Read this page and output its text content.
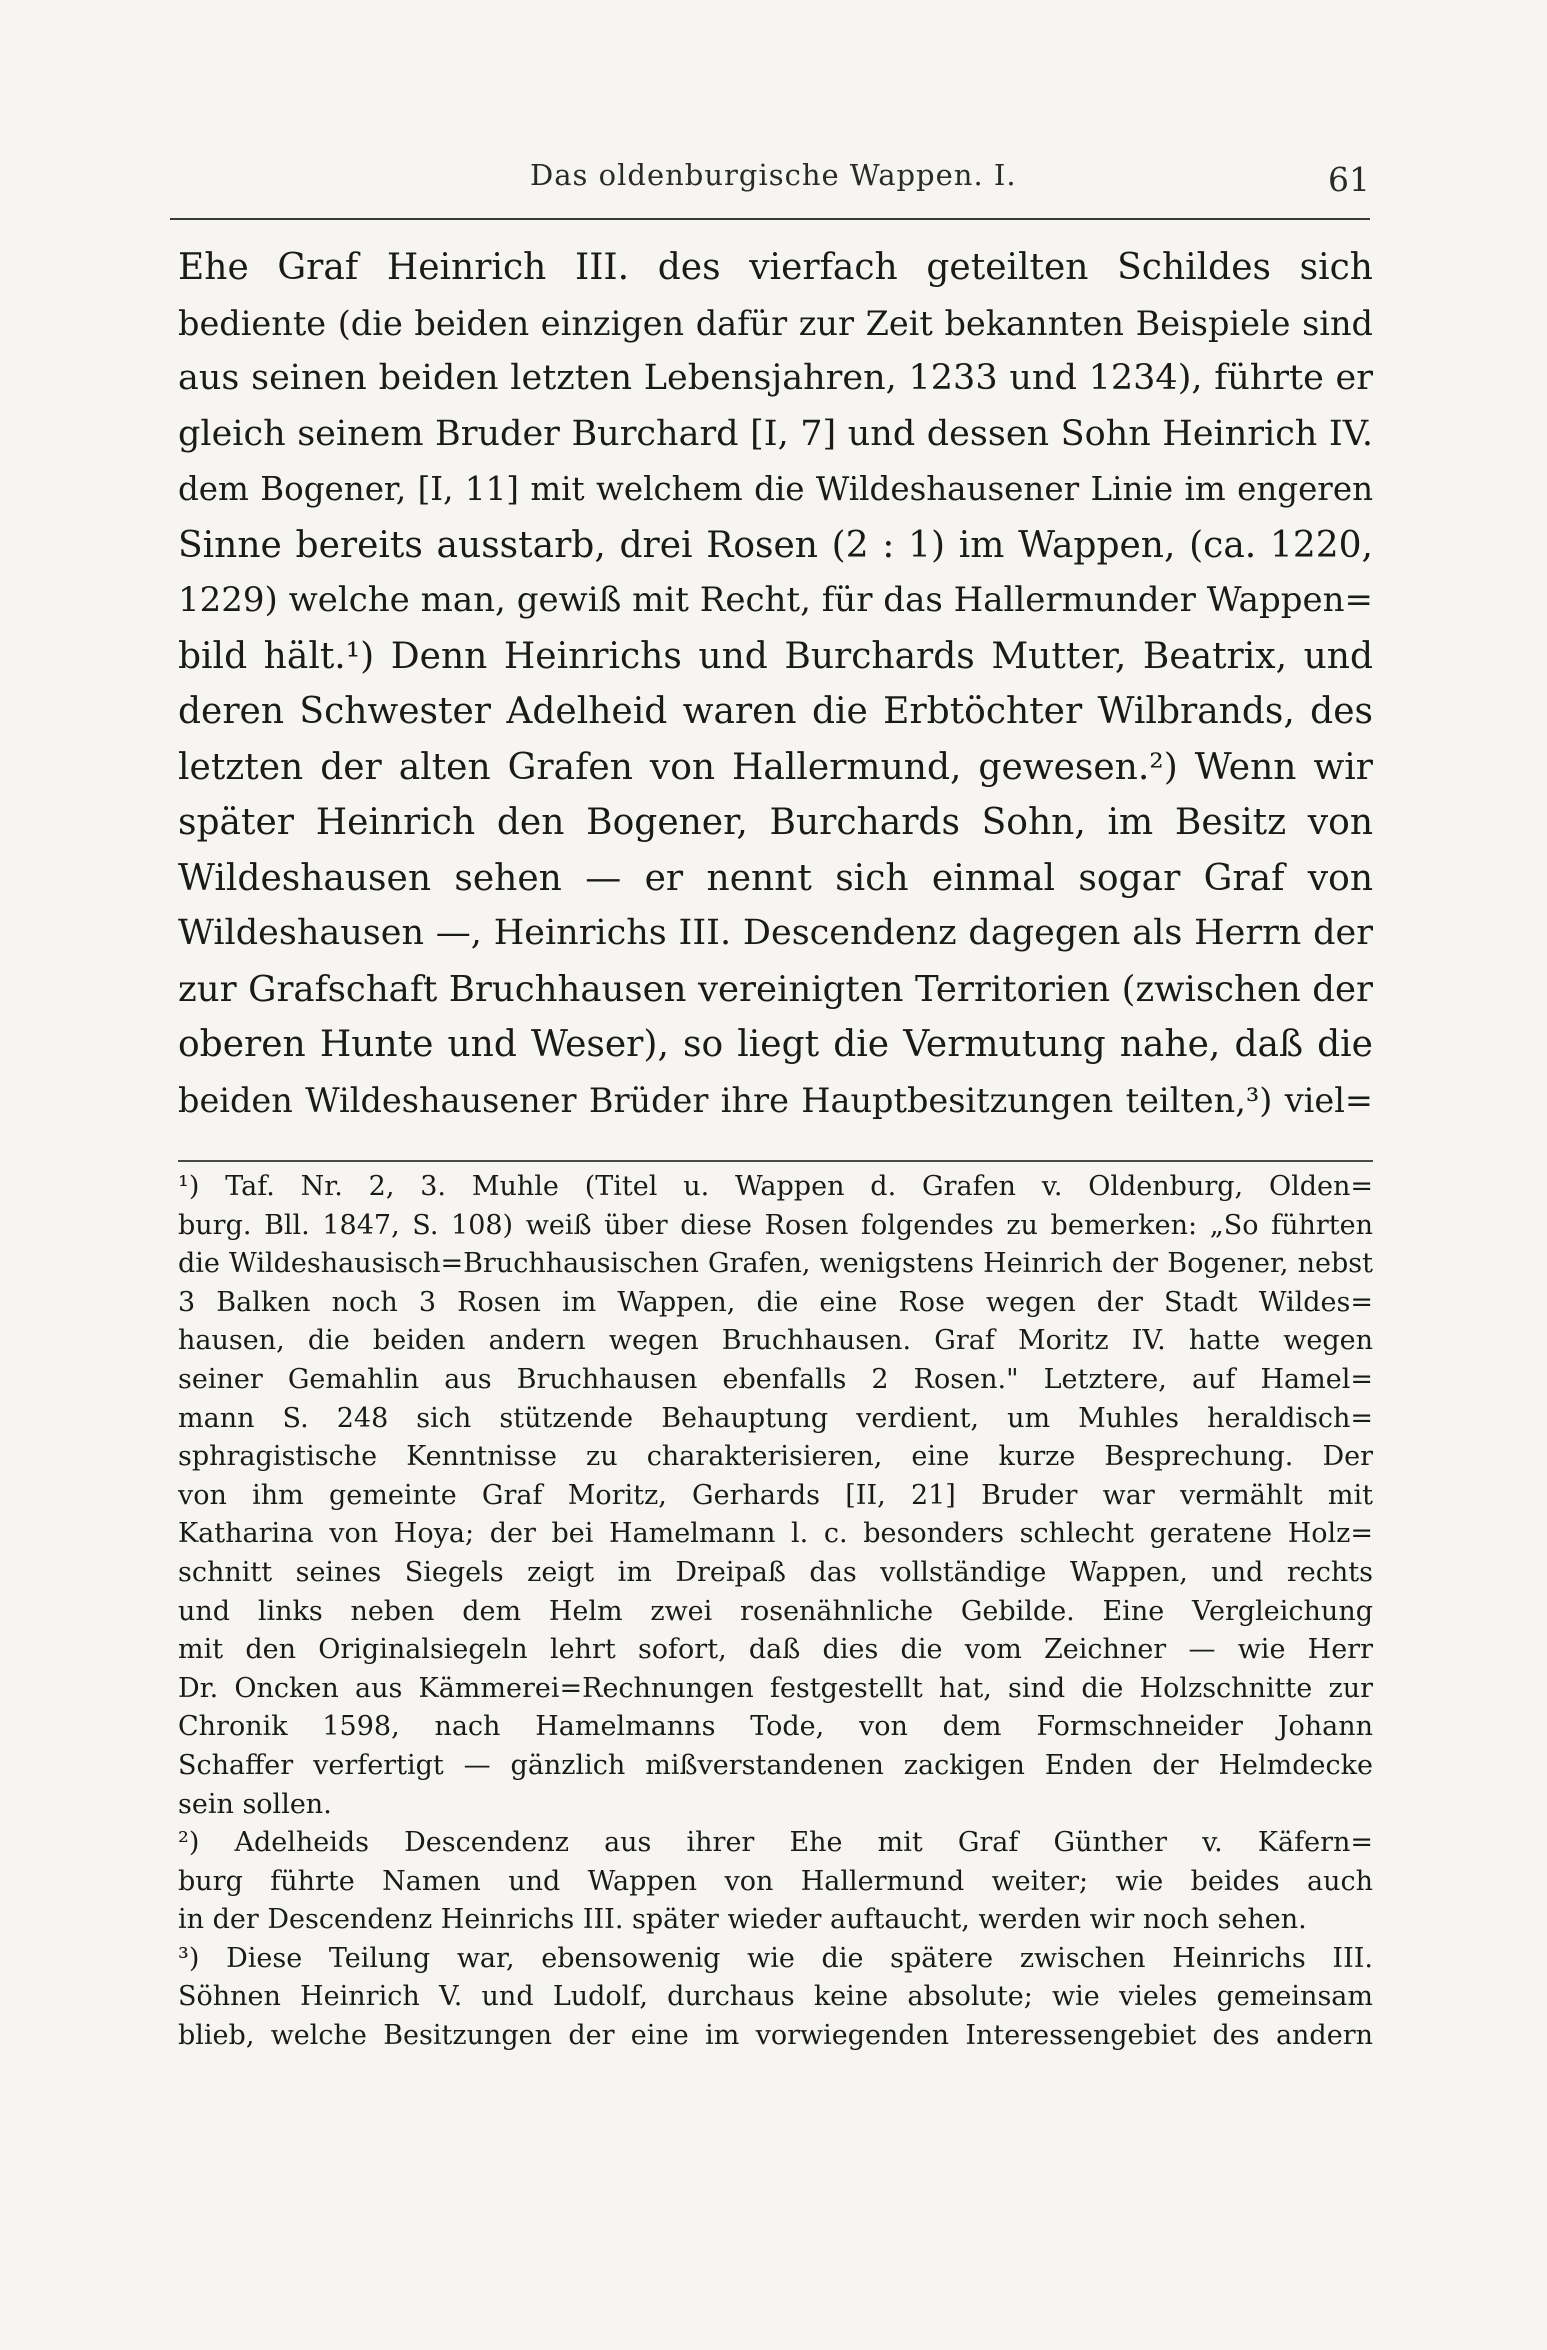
Das oldenburgische Wappen. I.	61
Ehe Graf Heinrich III. des vierfach geteilten Schildes sich
bediente (die beiden einzigen dafür zur Zeit bekannten Beispiele sind
aus seinen beiden letzten Lebensjahren, 1233 und 1234), führte er
gleich seinem Bruder Burchard [I, 7] und dessen Sohn Heinrich IV.
dem Bogener, [I, 11] mit welchem die Wildeshausener Linie im engeren
Sinne bereits ausstarb, drei Rosen (2 : 1) im Wappen, (ca. 1220,
1229) welche man, gewiß mit Recht, für das Hallermunder Wappen=
bild hält.¹) Denn Heinrichs und Burchards Mutter, Beatrix, und
deren Schwester Adelheid waren die Erbtöchter Wilbrands, des
letzten der alten Grafen von Hallermund, gewesen.²) Wenn wir
später Heinrich den Bogener, Burchards Sohn, im Besitz von
Wildeshausen sehen — er nennt sich einmal sogar Graf von
Wildeshausen —, Heinrichs III. Descendenz dagegen als Herrn der
zur Grafschaft Bruchhausen vereinigten Territorien (zwischen der
oberen Hunte und Weser), so liegt die Vermutung nahe, daß die
beiden Wildeshausener Brüder ihre Hauptbesitzungen teilten,³) viel=
¹) Taf. Nr. 2, 3. Muhle (Titel u. Wappen d. Grafen v. Oldenburg, Olden=
burg. Bll. 1847, S. 108) weiß über diese Rosen folgendes zu bemerken: „So führten
die Wildeshausisch=Bruchhausischen Grafen, wenigstens Heinrich der Bogener, nebst
3 Balken noch 3 Rosen im Wappen, die eine Rose wegen der Stadt Wildes=
hausen, die beiden andern wegen Bruchhausen. Graf Moritz IV. hatte wegen
seiner Gemahlin aus Bruchhausen ebenfalls 2 Rosen." Letztere, auf Hamel=
mann S. 248 sich stützende Behauptung verdient, um Muhles heraldisch=
sphragistische Kenntnisse zu charakterisieren, eine kurze Besprechung. Der
von ihm gemeinte Graf Moritz, Gerhards [II, 21] Bruder war vermählt mit
Katharina von Hoya; der bei Hamelmann l. c. besonders schlecht geratene Holz=
schnitt seines Siegels zeigt im Dreipaß das vollständige Wappen, und rechts
und links neben dem Helm zwei rosenähnliche Gebilde. Eine Vergleichung
mit den Originalsiegeln lehrt sofort, daß dies die vom Zeichner — wie Herr
Dr. Oncken aus Kämmerei=Rechnungen festgestellt hat, sind die Holzschnitte zur
Chronik 1598, nach Hamelmanns Tode, von dem Formschneider Johann
Schaffer verfertigt — gänzlich mißverstandenen zackigen Enden der Helmdecke
sein sollen.
²) Adelheids Descendenz aus ihrer Ehe mit Graf Günther v. Käfern=
burg führte Namen und Wappen von Hallermund weiter; wie beides auch
in der Descendenz Heinrichs III. später wieder auftaucht, werden wir noch sehen.
³) Diese Teilung war, ebensowenig wie die spätere zwischen Heinrichs III.
Söhnen Heinrich V. und Ludolf, durchaus keine absolute; wie vieles gemeinsam
blieb, welche Besitzungen der eine im vorwiegenden Interessengebiet des andern
